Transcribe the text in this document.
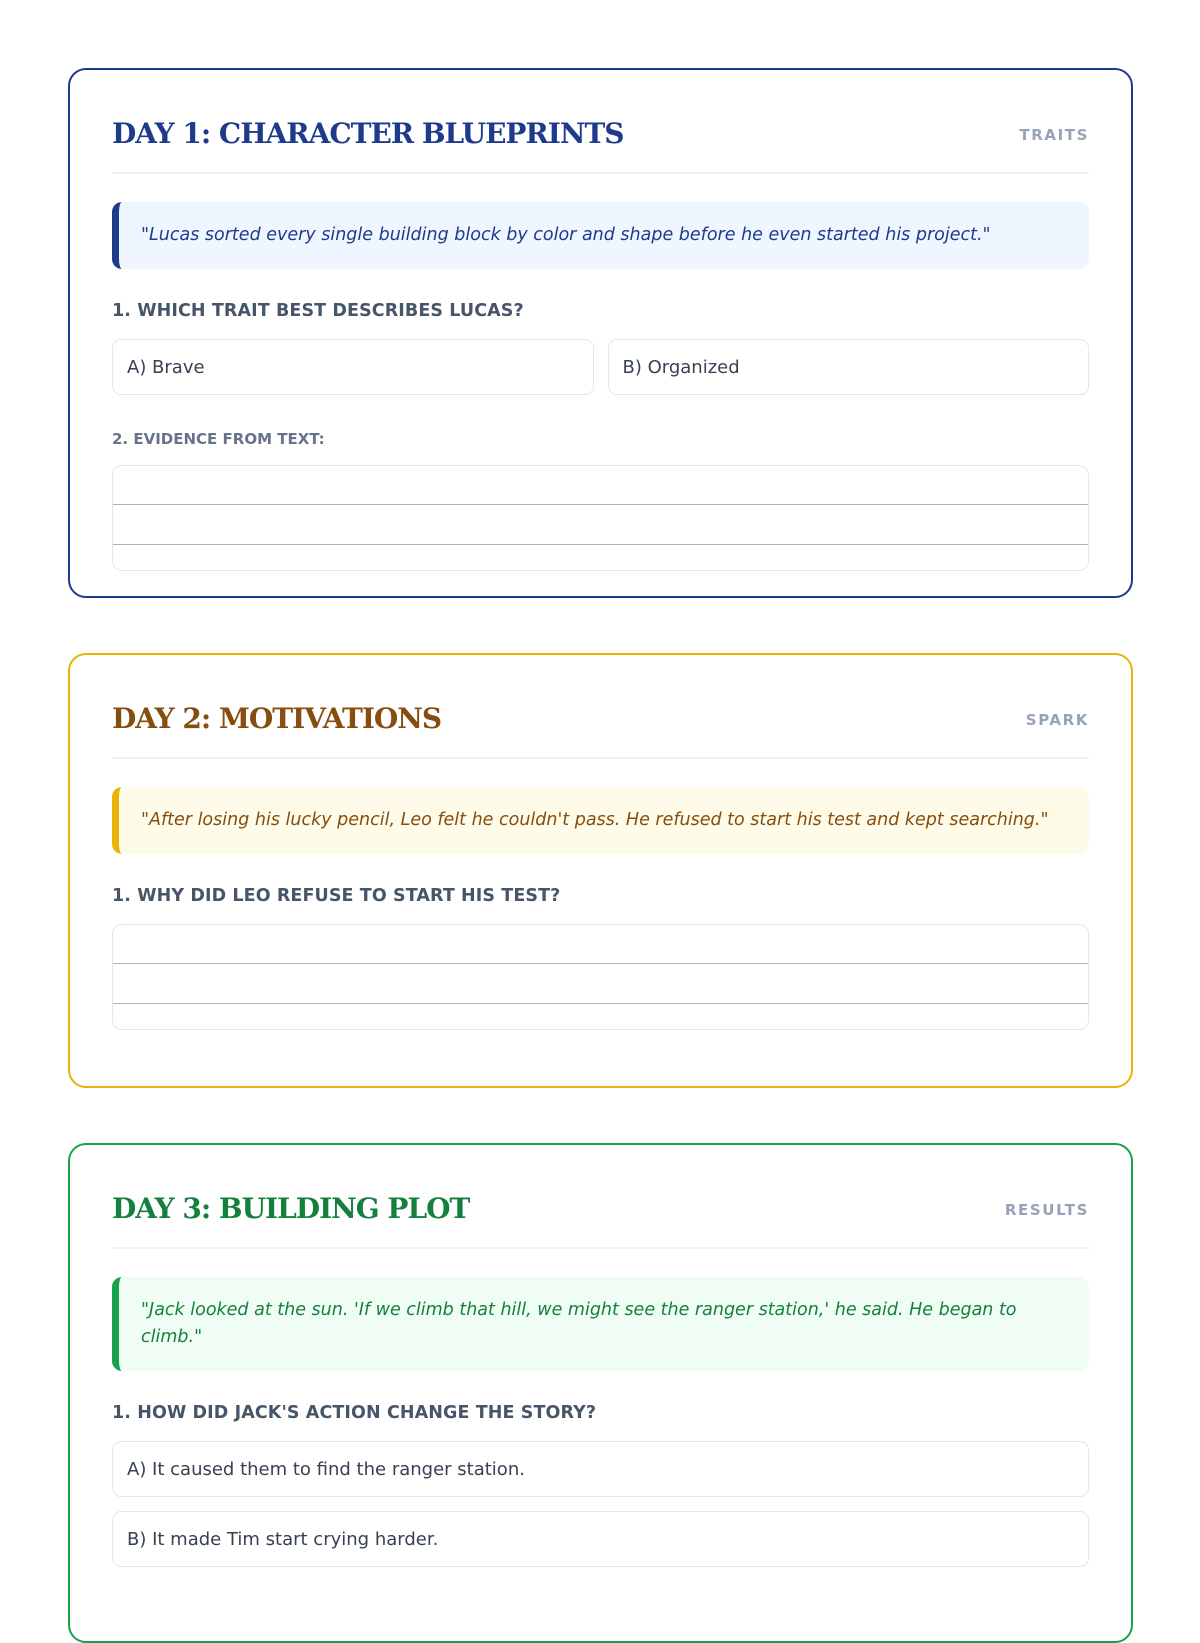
DAY 1: CHARACTER BLUEPRINTS	TRAITS
"Lucas sorted every single building block by color and shape before he even started his project."
1. WHICH TRAIT BEST DESCRIBES LUCAS?
A) Brave	B) Organized
2. EVIDENCE FROM TEXT:
DAY 2: MOTIVATIONS	SPARK
"After losing his lucky pencil, Leo felt he couldn't pass. He refused to start his test and kept searching."
1. WHY DID LEO REFUSE TO START HIS TEST?
DAY 3: BUILDING PLOT	RESULTS
"Jack looked at the sun. 'If we climb that hill, we might see the ranger station,' he said. He began to climb."
1. HOW DID JACK'S ACTION CHANGE THE STORY?
A) It caused them to find the ranger station.
B) It made Tim start crying harder.
